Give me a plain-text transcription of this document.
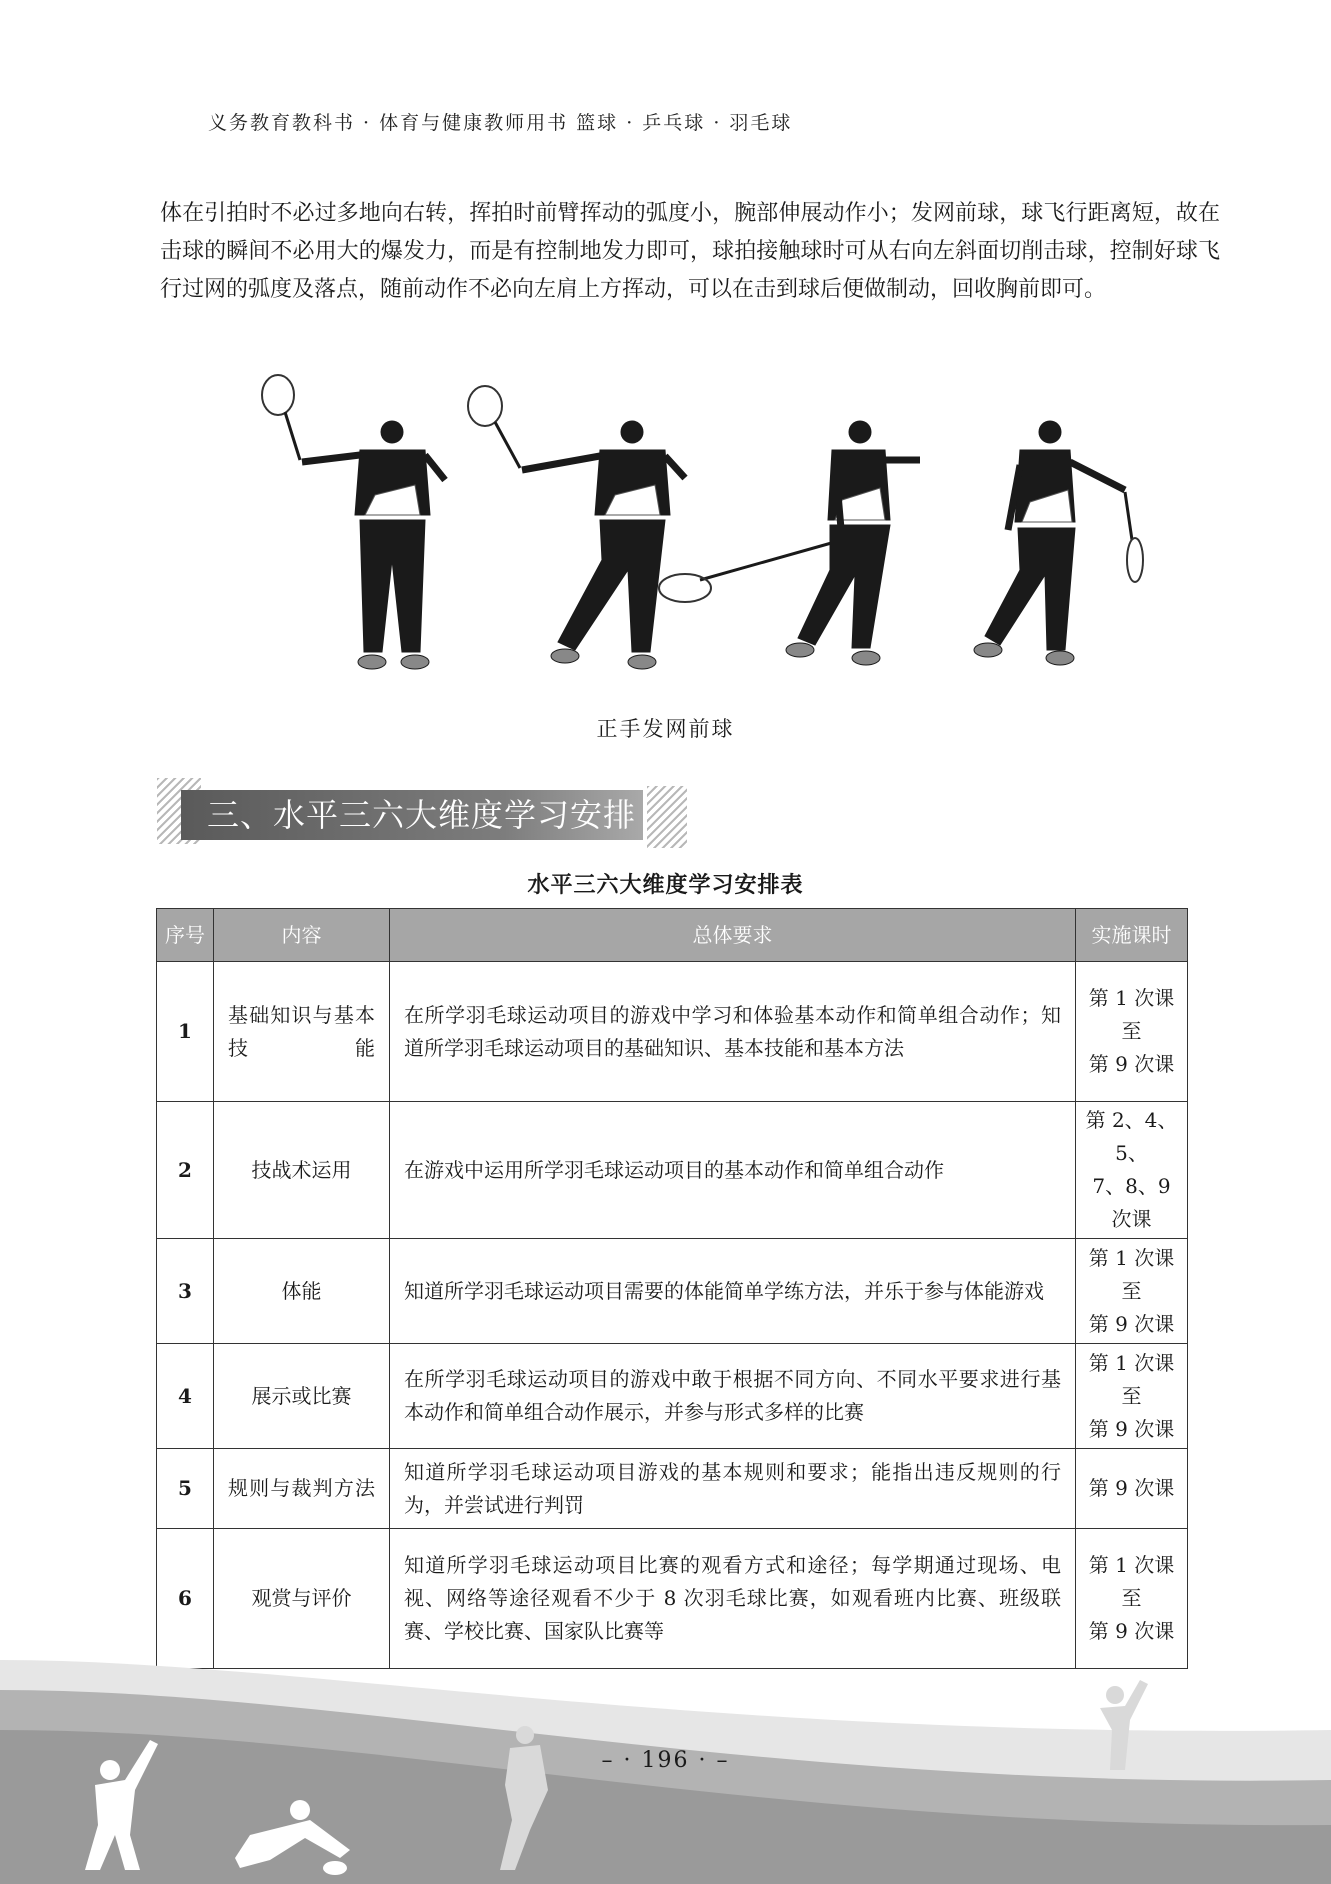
义务教育教科书 · 体育与健康教师用书 篮球 · 乒乓球 · 羽毛球

体在引拍时不必过多地向右转，挥拍时前臂挥动的弧度小，腕部伸展动作小；发网前球，球飞行距离短，故在击球的瞬间不必用大的爆发力，而是有控制地发力即可，球拍接触球时可从右向左斜面切削击球，控制好球飞行过网的弧度及落点，随前动作不必向左肩上方挥动，可以在击到球后便做制动，回收胸前即可。

正手发网前球
三、水平三六大维度学习安排
水平三六大维度学习安排表
序号	内容	总体要求	实施课时
1	基础知识与基本技能	在所学羽毛球运动项目的游戏中学习和体验基本动作和简单组合动作；知道所学羽毛球运动项目的基础知识、基本技能和基本方法	第 1 次课
至
第 9 次课

2	技战术运用	在游戏中运用所学羽毛球运动项目的基本动作和简单组合动作	第 2、4、5、
7、8、9 次课

3	体能	知道所学羽毛球运动项目需要的体能简单学练方法，并乐于参与体能游戏	第 1 次课
至
第 9 次课

4	展示或比赛	在所学羽毛球运动项目的游戏中敢于根据不同方向、不同水平要求进行基本动作和简单组合动作展示，并参与形式多样的比赛	第 1 次课
至
第 9 次课

5	规则与裁判方法	知道所学羽毛球运动项目游戏的基本规则和要求；能指出违反规则的行为，并尝试进行判罚	第 9 次课

6	观赏与评价	知道所学羽毛球运动项目比赛的观看方式和途径；每学期通过现场、电视、网络等途径观看不少于 8 次羽毛球比赛，如观看班内比赛、班级联赛、学校比赛、国家队比赛等	第 1 次课
至
第 9 次课
– · 196 · –
